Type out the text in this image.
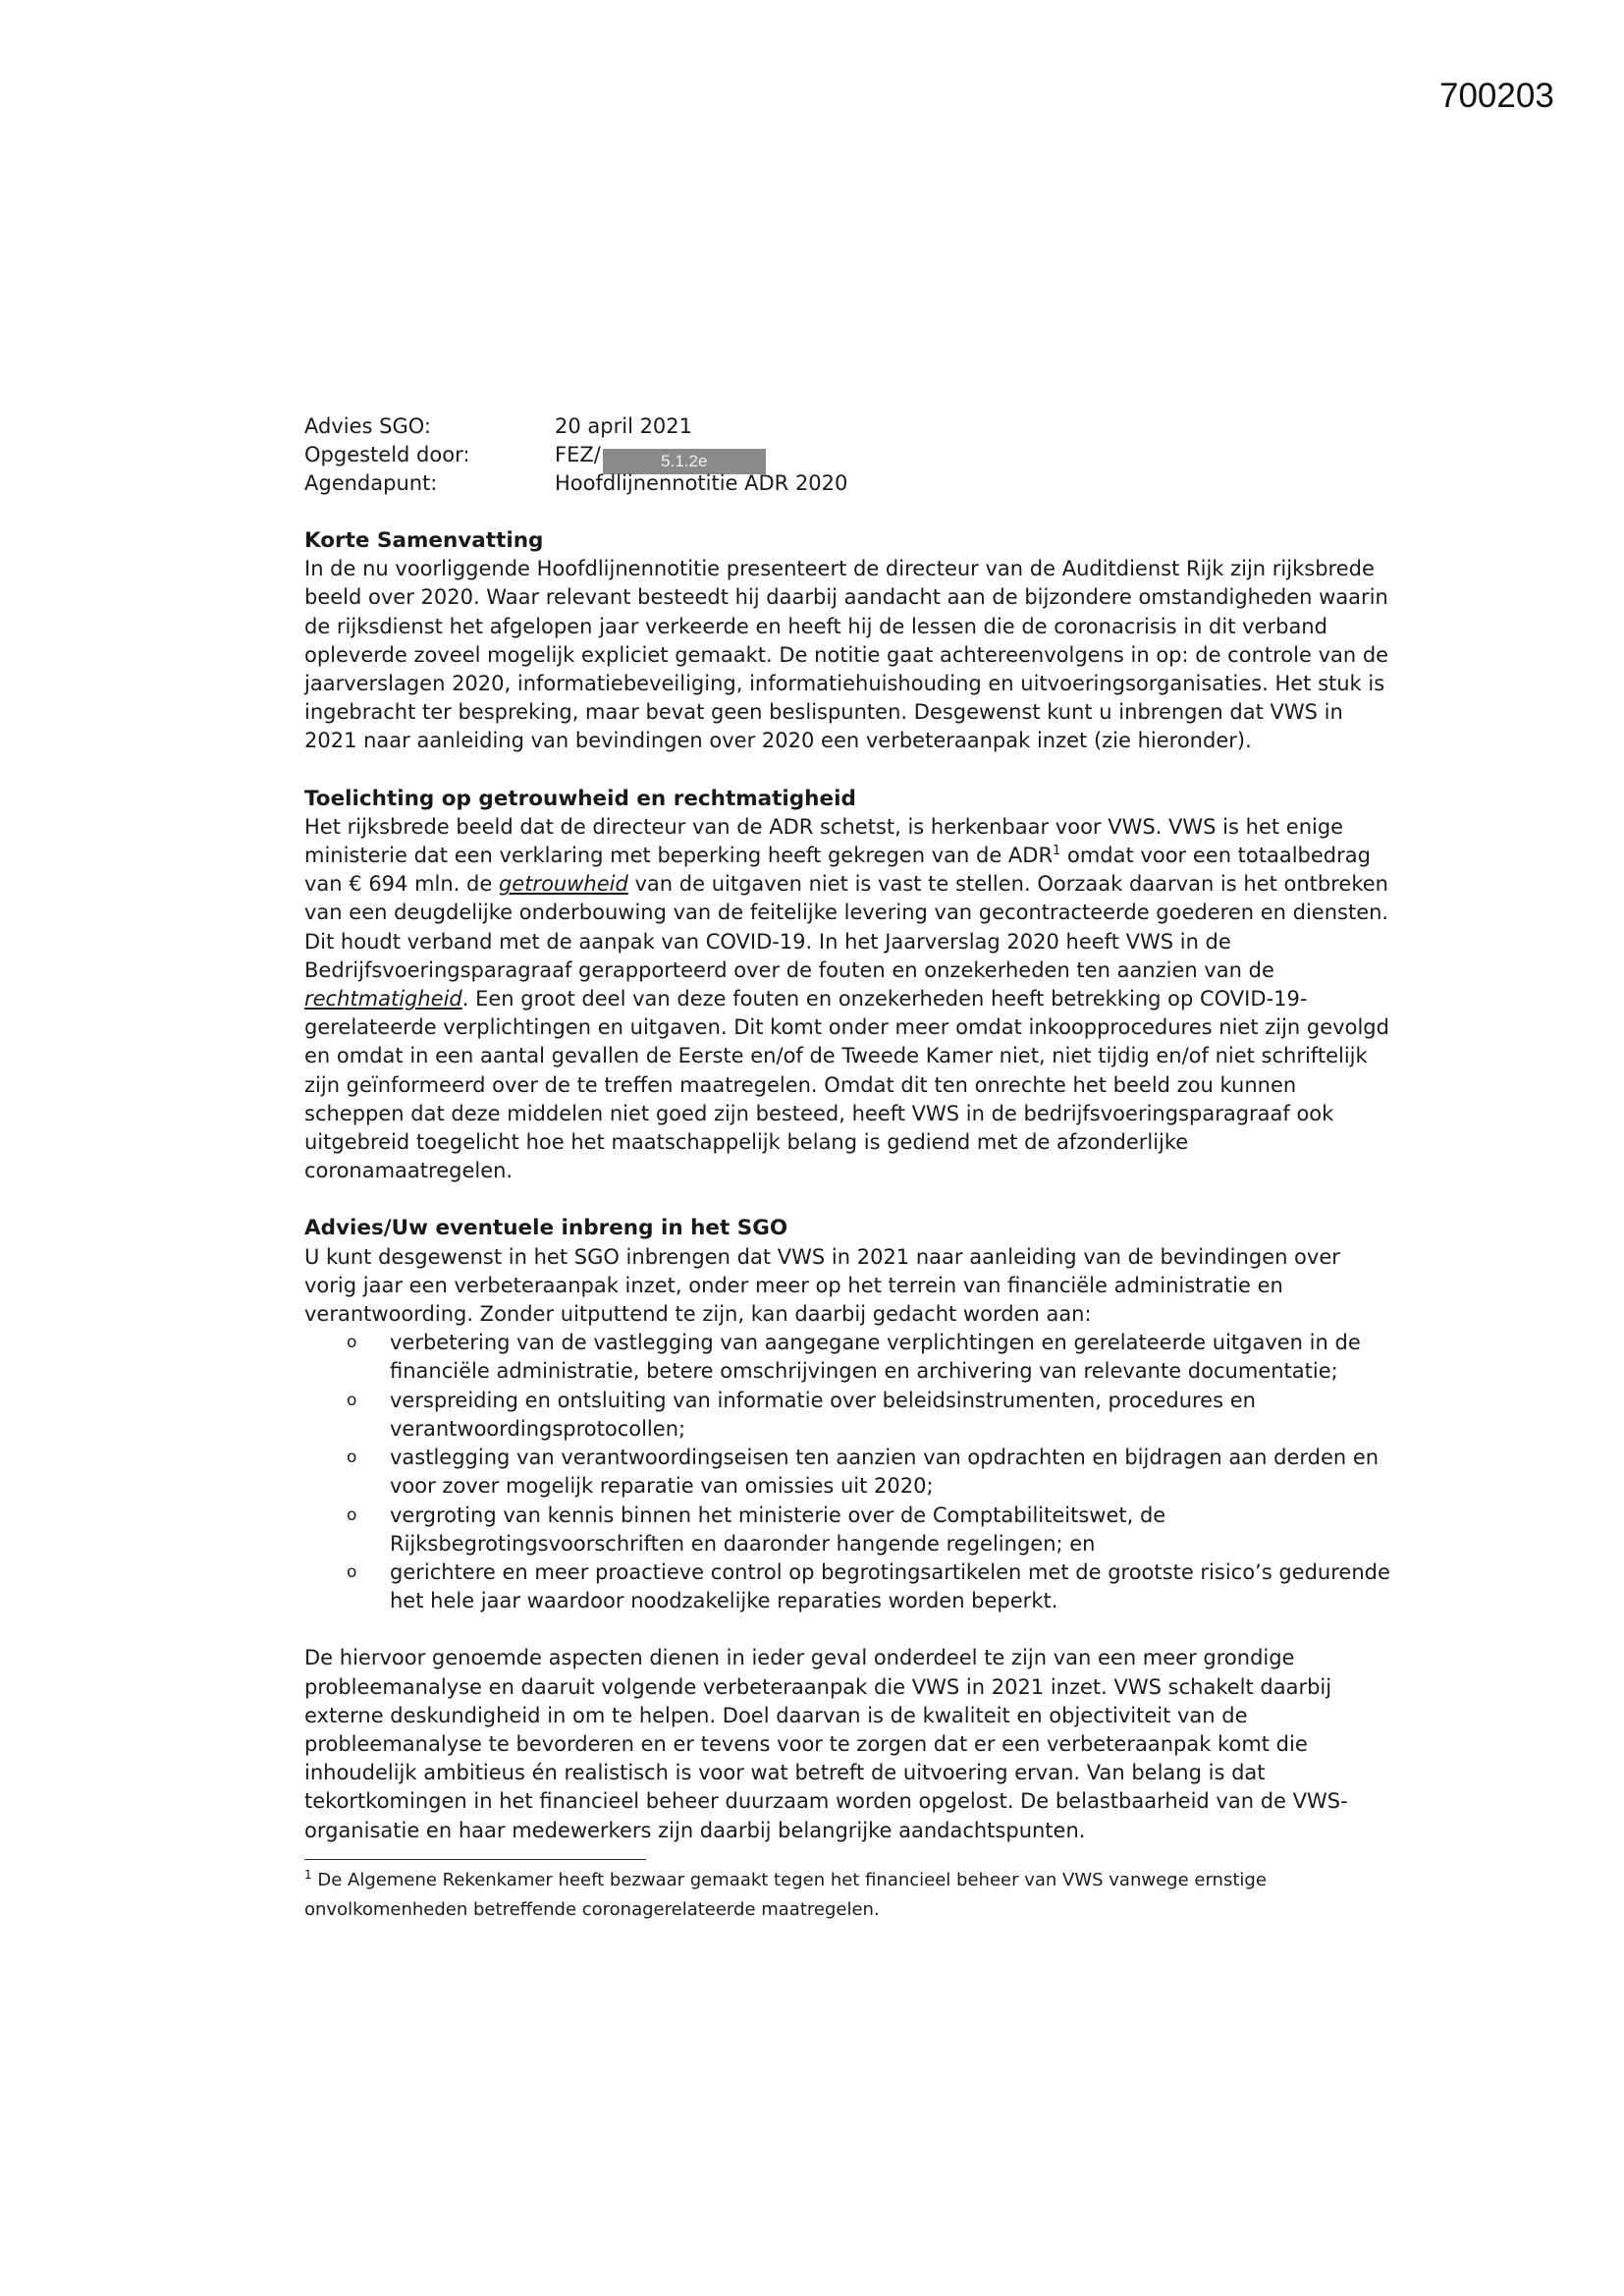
700203
Advies SGO:	20 april 2021
Opgesteld door:	FEZ/	5.1.2e
Agendapunt:	Hoofdlijnennotitie ADR 2020
Korte Samenvatting

In de nu voorliggende Hoofdlijnennotitie presenteert de directeur van de Auditdienst Rijk zijn rijksbrede beeld over 2020. Waar relevant besteedt hij daarbij aandacht aan de bijzondere omstandigheden waarin de rijksdienst het afgelopen jaar verkeerde en heeft hij de lessen die de coronacrisis in dit verband opleverde zoveel mogelijk expliciet gemaakt. De notitie gaat achtereenvolgens in op: de controle van de jaarverslagen 2020, informatiebeveiliging, informatiehuishouding en uitvoeringsorganisaties. Het stuk is ingebracht ter bespreking, maar bevat geen beslispunten. Desgewenst kunt u inbrengen dat VWS in 2021 naar aanleiding van bevindingen over 2020 een verbeteraanpak inzet (zie hieronder).

Toelichting op getrouwheid en rechtmatigheid

Het rijksbrede beeld dat de directeur van de ADR schetst, is herkenbaar voor VWS. VWS is het enige ministerie dat een verklaring met beperking heeft gekregen van de ADR$^1$ omdat voor een totaalbedrag van € 694 mln. de getrouwheid van de uitgaven niet is vast te stellen. Oorzaak daarvan is het ontbreken van een deugdelijke onderbouwing van de feitelijke levering van gecontracteerde goederen en diensten. Dit houdt verband met de aanpak van COVID-19. In het Jaarverslag 2020 heeft VWS in de Bedrijfsvoeringsparagraaf gerapporteerd over de fouten en onzekerheden ten aanzien van de rechtmatigheid. Een groot deel van deze fouten en onzekerheden heeft betrekking op COVID-19-gerelateerde verplichtingen en uitgaven. Dit komt onder meer omdat inkoopprocedures niet zijn gevolgd en omdat in een aantal gevallen de Eerste en/of de Tweede Kamer niet, niet tijdig en/of niet schriftelijk zijn geïnformeerd over de te treffen maatregelen. Omdat dit ten onrechte het beeld zou kunnen scheppen dat deze middelen niet goed zijn besteed, heeft VWS in de bedrijfsvoeringsparagraaf ook uitgebreid toegelicht hoe het maatschappelijk belang is gediend met de afzonderlijke coronamaatregelen.

Advies/Uw eventuele inbreng in het SGO

U kunt desgewenst in het SGO inbrengen dat VWS in 2021 naar aanleiding van de bevindingen over vorig jaar een verbeteraanpak inzet, onder meer op het terrein van financiële administratie en verantwoording. Zonder uitputtend te zijn, kan daarbij gedacht worden aan:

o	verbetering van de vastlegging van aangegane verplichtingen en gerelateerde uitgaven in de financiële administratie, betere omschrijvingen en archivering van relevante documentatie;
o	verspreiding en ontsluiting van informatie over beleidsinstrumenten, procedures en verantwoordingsprotocollen;
o	vastlegging van verantwoordingseisen ten aanzien van opdrachten en bijdragen aan derden en voor zover mogelijk reparatie van omissies uit 2020;
o	vergroting van kennis binnen het ministerie over de Comptabiliteitswet, de Rijksbegrotingsvoorschriften en daaronder hangende regelingen; en
o	gerichtere en meer proactieve control op begrotingsartikelen met de grootste risico’s gedurende het hele jaar waardoor noodzakelijke reparaties worden beperkt.

De hiervoor genoemde aspecten dienen in ieder geval onderdeel te zijn van een meer grondige probleemanalyse en daaruit volgende verbeteraanpak die VWS in 2021 inzet. VWS schakelt daarbij externe deskundigheid in om te helpen. Doel daarvan is de kwaliteit en objectiviteit van de probleemanalyse te bevorderen en er tevens voor te zorgen dat er een verbeteraanpak komt die inhoudelijk ambitieus én realistisch is voor wat betreft de uitvoering ervan. Van belang is dat tekortkomingen in het financieel beheer duurzaam worden opgelost. De belastbaarheid van de VWS-organisatie en haar medewerkers zijn daarbij belangrijke aandachtspunten.

$^1$ De Algemene Rekenkamer heeft bezwaar gemaakt tegen het financieel beheer van VWS vanwege ernstige onvolkomenheden betreffende coronagerelateerde maatregelen.
